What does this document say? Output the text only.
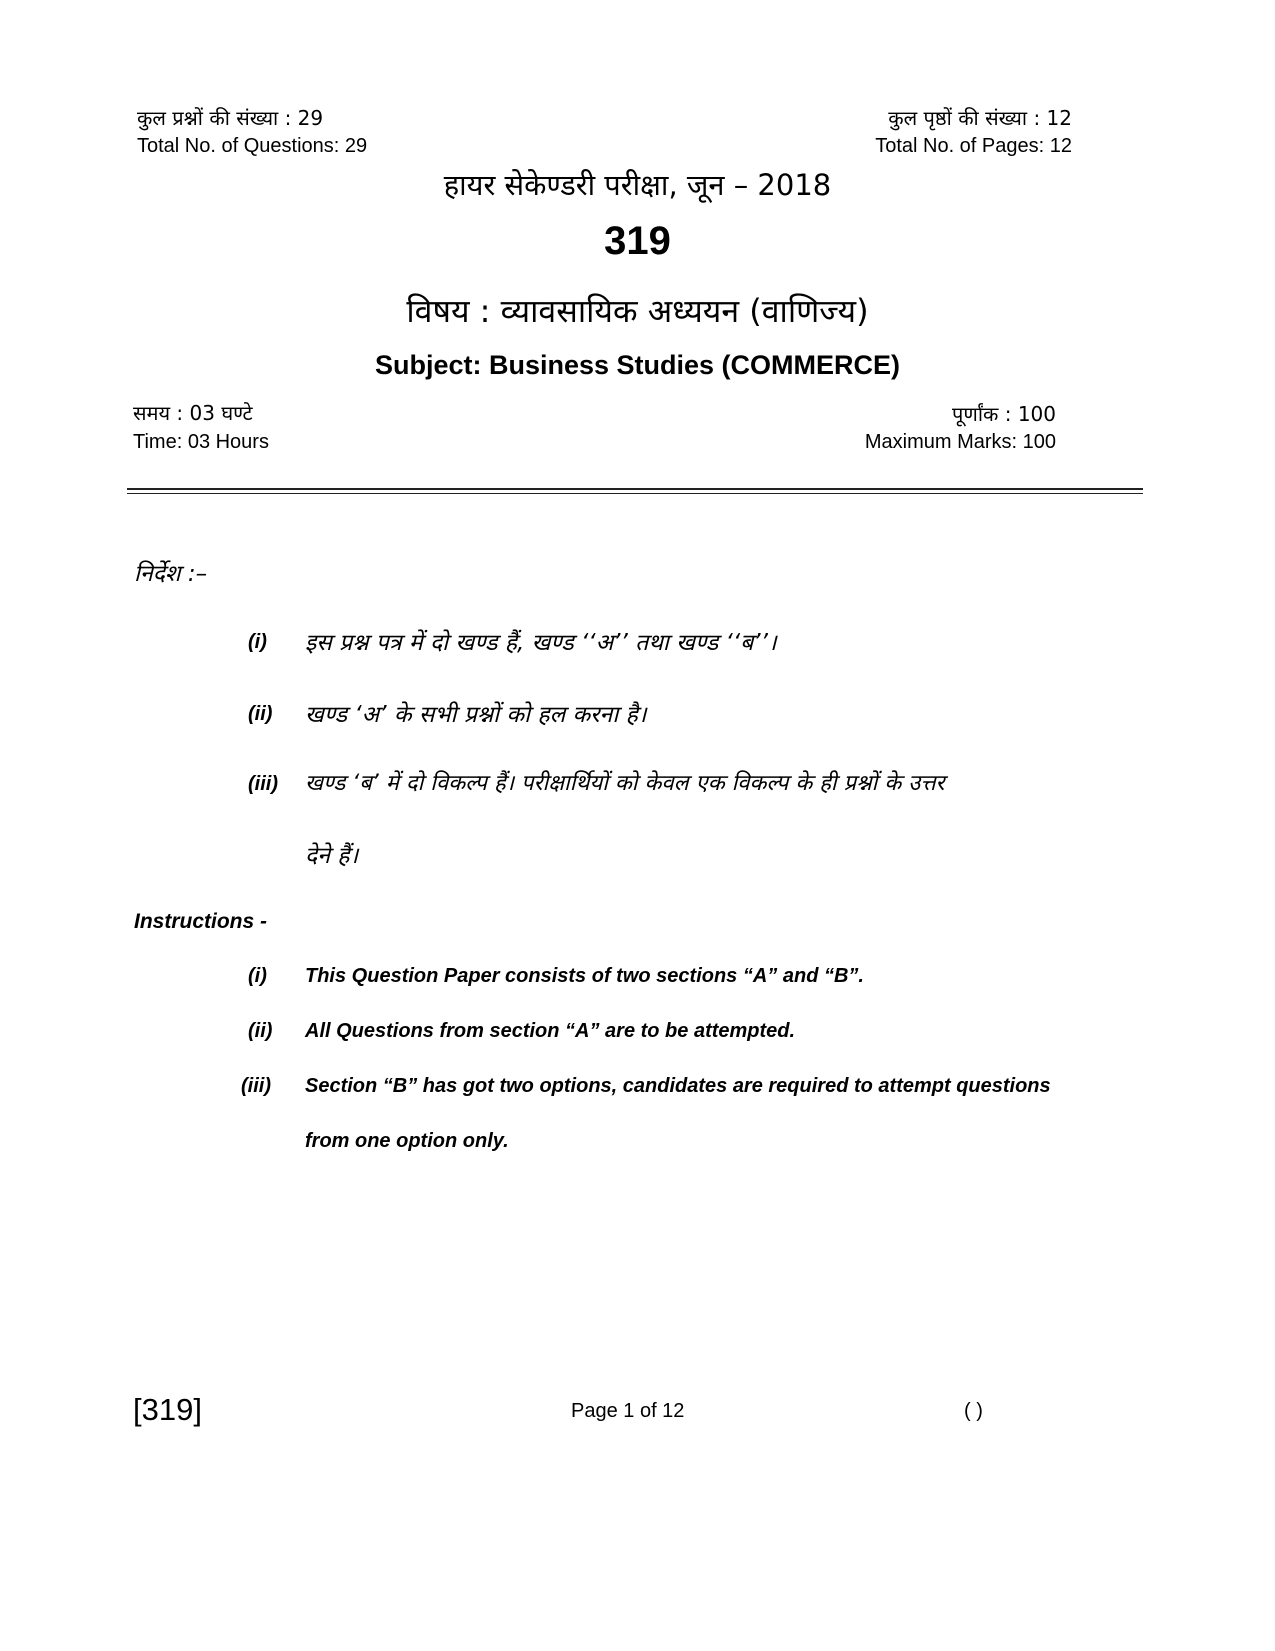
कुल प्रश्नों की संख्या : 29
Total No. of Questions: 29
कुल पृष्ठों की संख्या : 12
Total No. of Pages: 12
हायर सेकेण्डरी परीक्षा, जून – 2018
319
विषय : व्यावसायिक अध्ययन (वाणिज्य)
Subject: Business Studies (COMMERCE)
समय : 03 घण्टे
Time: 03 Hours
पूर्णांक : 100
Maximum Marks: 100
निर्देश :–
(i) इस प्रश्न पत्र में दो खण्ड हैं, खण्ड ‘‘अ’’ तथा खण्ड ‘‘ब’’।
(ii) खण्ड ‘अ’ के सभी प्रश्नों को हल करना है।
(iii) खण्ड ‘ब’ में दो विकल्प हैं। परीक्षार्थियों को केवल एक विकल्प के ही प्रश्नों के उत्तर
देने हैं।
Instructions -
(i) This Question Paper consists of two sections “A” and “B”.
(ii) All Questions from section “A” are to be attempted.
(iii) Section “B” has got two options, candidates are required to attempt questions
from one option only.
[319]	Page 1 of 12	( )
